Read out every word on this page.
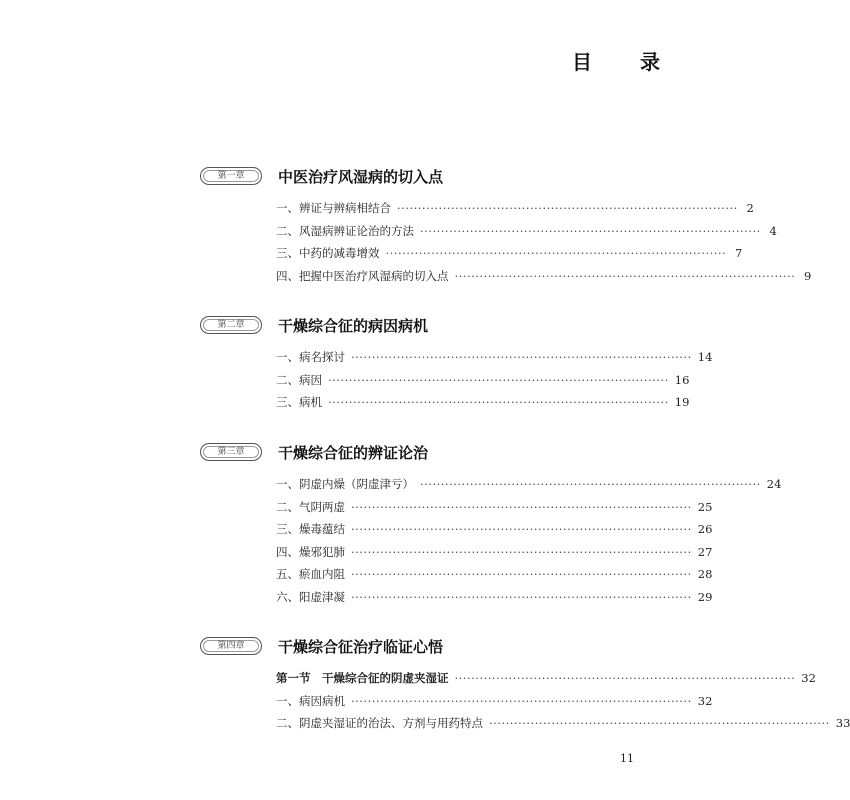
目　录
第一章	中医治疗风湿病的切入点
一、辨证与辨病相结合 ·················································································· 2
二、风湿病辨证论治的方法 ·················································································· 4
三、中药的减毒增效 ·················································································· 7
四、把握中医治疗风湿病的切入点 ·················································································· 9
第二章	干燥综合征的病因病机
一、病名探讨 ·················································································· 14
二、病因 ·················································································· 16
三、病机 ·················································································· 19
第三章	干燥综合征的辨证论治
一、阴虚内燥（阴虚津亏） ·················································································· 24
二、气阴两虚 ·················································································· 25
三、燥毒蕴结 ·················································································· 26
四、燥邪犯肺 ·················································································· 27
五、瘀血内阻 ·················································································· 28
六、阳虚津凝 ·················································································· 29
第四章	干燥综合征治疗临证心悟
第一节　干燥综合征的阴虚夹湿证 ·················································································· 32
一、病因病机 ·················································································· 32
二、阴虚夹湿证的治法、方剂与用药特点 ·················································································· 33
11
